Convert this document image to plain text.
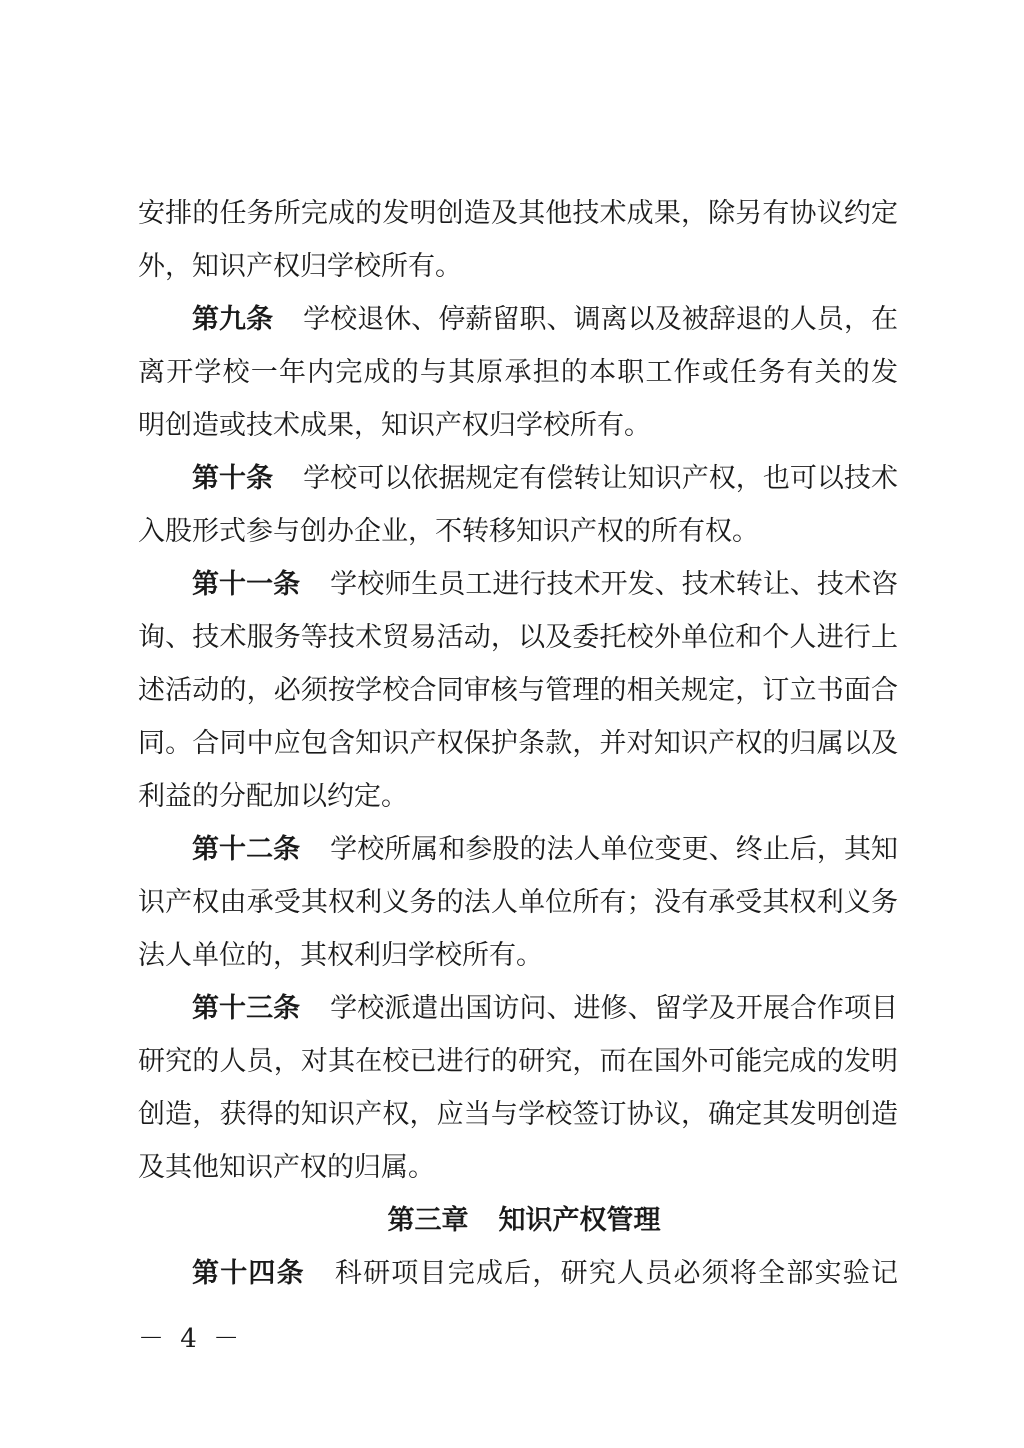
安排的任务所完成的发明创造及其他技术成果，除另有协议约定
外，知识产权归学校所有。
第九条 学校退休、停薪留职、调离以及被辞退的人员，在
离开学校一年内完成的与其原承担的本职工作或任务有关的发
明创造或技术成果，知识产权归学校所有。
第十条 学校可以依据规定有偿转让知识产权，也可以技术
入股形式参与创办企业，不转移知识产权的所有权。
第十一条 学校师生员工进行技术开发、技术转让、技术咨
询、技术服务等技术贸易活动，以及委托校外单位和个人进行上
述活动的，必须按学校合同审核与管理的相关规定，订立书面合
同。合同中应包含知识产权保护条款，并对知识产权的归属以及
利益的分配加以约定。
第十二条 学校所属和参股的法人单位变更、终止后，其知
识产权由承受其权利义务的法人单位所有；没有承受其权利义务
法人单位的，其权利归学校所有。
第十三条 学校派遣出国访问、进修、留学及开展合作项目
研究的人员，对其在校已进行的研究，而在国外可能完成的发明
创造，获得的知识产权，应当与学校签订协议，确定其发明创造
及其他知识产权的归属。
第三章 知识产权管理
第十四条 科研项目完成后，研究人员必须将全部实验记
－ 4 －
